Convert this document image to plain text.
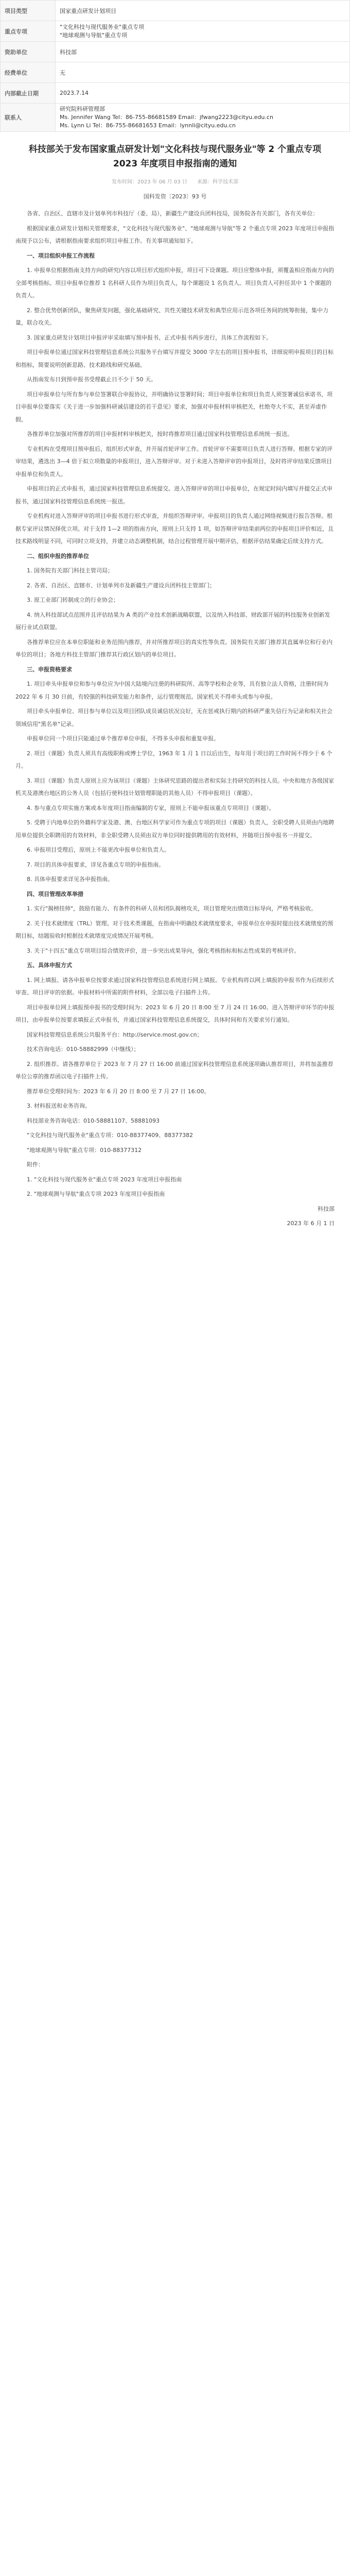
项目类型	国家重点研发计划项目
重点专项	"文化科技与现代服务业"重点专项
"地球观测与导航"重点专项

资助单位	科技部
经费单位	无
内部截止日期	2023.7.14
联系人	研究院科研管理部
Ms. Jennifer Wang Tel：86-755-86681589 Email：jfwang2223@cityu.edu.cn
Ms. Lynn Li Tel：86-755-86681653 Email：lynnli@cityu.edu.cn
科技部关于发布国家重点研发计划"文化科技与现代服务业"等 2 个重点专项 2023 年度项目申报指南的通知
发布时间：2023 年 06 月 03 日 来源：科学技术部
国科发资〔2023〕93 号

各省、自治区、直辖市及计划单列市科技厅（委、局），新疆生产建设兵团科技局，国务院各有关部门，各有关单位：

根据国家重点研发计划相关管理要求，"文化科技与现代服务业"、"地球观测与导航"等 2 个重点专项 2023 年度项目申报指南现予以公布，请根据指南要求组织项目申报工作。有关事项通知如下。

一、项目组织申报工作流程

1. 申报单位根据指南支持方向的研究内容以项目形式组织申报，项目可下设课题。项目应整体申报，须覆盖相应指南方向的全部考核指标。项目申报单位推荐 1 名科研人员作为项目负责人，每个课题设 1 名负责人。项目负责人可担任其中 1 个课题的负责人。

2. 整合优势创新团队，聚焦研发问题，强化基础研究、共性关键技术研发和典型应用示范各项任务间的统筹衔接，集中力量，联合攻关。

3. 国家重点研发计划项目申报评审采取填写预申报书、正式申报书两步进行，具体工作流程如下。

项目申报单位通过国家科技管理信息系统公共服务平台填写并提交 3000 字左右的项目预申报书，详细说明申报项目的目标和指标，简要说明创新思路、技术路线和研究基础。

从指南发布日到预申报书受理截止日不少于 50 天。

项目申报单位与所有参与单位签署联合申报协议，并明确协议签署时间；项目申报单位和项目负责人须签署诚信承诺书，项目申报单位要落实《关于进一步加强科研诚信建设的若干意见》要求，加强对申报材料审核把关，杜绝夸大不实，甚至弄虚作假。

各推荐单位加强对所推荐的项目申报材料审核把关，按时将推荐项目通过国家科技管理信息系统统一报送。

专业机构在受理项目预申报后，组织形式审查，并开展首轮评审工作。首轮评审不需要项目负责人进行答辩。根据专家的评审结果，遴选出 3—4 倍于拟立项数量的申报项目，进入答辩评审。对于未进入答辩评审的申报项目，及时将评审结果反馈项目申报单位和负责人。

申报项目的正式申报书，通过国家科技管理信息系统提交。进入答辩评审的项目申报单位，在规定时间内填写并提交正式申报书，通过国家科技管理信息系统统一报送。

专业机构对进入答辩评审的项目申报书进行形式审查，并组织答辩评审。申报项目的负责人通过网络视频进行报告答辩。根据专家评议情况择优立项。对于支持 1—2 项的指南方向，原则上只支持 1 项，如答辩评审结果前两位的申报项目评价相近，且技术路线明显不同，可同时立项支持，并建立动态调整机制，结合过程管理开展中期评估，根据评估结果确定后续支持方式。

二、组织申报的推荐单位

1. 国务院有关部门科技主管司局；

2. 各省、自治区、直辖市、计划单列市及新疆生产建设兵团科技主管部门；

3. 原工业部门转制成立的行业协会；

4. 纳入科技部试点范围并且评估结果为 A 类的产业技术创新战略联盟，以及纳入科技部、财政部开展的科技服务业创新发展行业试点联盟。

各推荐单位应在本单位职能和业务范围内推荐，并对所推荐项目的真实性等负责。国务院有关部门推荐其直属单位和行业内单位的项目；各地方科技主管部门推荐其行政区划内的单位项目。

三、申报资格要求

1. 项目牵头申报单位和参与单位应为中国大陆境内注册的科研院所、高等学校和企业等，具有独立法人资格，注册时间为 2022 年 6 月 30 日前，有较强的科技研发能力和条件，运行管理规范。国家机关不得牵头或参与申报。

项目牵头申报单位、项目参与单位以及项目团队成员诚信状况良好，无在惩戒执行期内的科研严重失信行为记录和相关社会领域信用"黑名单"记录。

申报单位同一个项目只能通过单个推荐单位申报，不得多头申报和重复申报。

2. 项目（课题）负责人须具有高级职称或博士学位，1963 年 1 月 1 日以后出生，每年用于项目的工作时间不得少于 6 个月。

3. 项目（课题）负责人原则上应为该项目（课题）主体研究思路的提出者和实际主持研究的科技人员。中央和地方各级国家机关及港澳台地区的公务人员（包括行使科技计划管理职能的其他人员）不得申报项目（课题）。

4. 参与重点专项实施方案或本年度项目指南编制的专家，原则上不能申报该重点专项项目（课题）。

5. 受聘于内地单位的外籍科学家及港、澳、台地区科学家可作为重点专项的项目（课题）负责人，全职受聘人员须由内地聘用单位提供全职聘用的有效材料，非全职受聘人员须由双方单位同时提供聘用的有效材料，并随项目预申报书一并提交。

6. 申报项目受理后，原则上不能更改申报单位和负责人。

7. 项目的具体申报要求，详见各重点专项的申报指南。

8. 具体申报要求详见各申报指南。

四、项目管理改革举措

1. 实行"揭榜挂帅"，鼓励有能力、有条件的科研人员和团队揭榜攻关，项目管理突出绩效目标导向，严格考核验收。

2. 关于技术就绪度（TRL）管理。对于技术类课题，在指南中明确技术就绪度要求，申报单位在申报时提出技术就绪度的预期目标，结题验收时根据技术就绪度完成情况开展考核。

3. 关于"十四五"重点专项项目综合绩效评价，进一步突出成果导向，强化考核指标和标志性成果的考核评价。

五、具体申报方式

1. 网上填报。请各申报单位按要求通过国家科技管理信息系统进行网上填报。专业机构将以网上填报的申报书作为后续形式审查、项目评审的依据。申报材料中所需的附件材料，全部以电子扫描件上传。

项目申报单位网上填报预申报书的受理时间为：2023 年 6 月 20 日 8:00 至 7 月 24 日 16:00。进入答辩评审环节的申报项目，由申报单位按要求填报正式申报书，并通过国家科技管理信息系统提交，具体时间和有关要求另行通知。

国家科技管理信息系统公共服务平台：http://service.most.gov.cn；

技术咨询电话：010-58882999（中继线）；

2. 组织推荐。请各推荐单位于 2023 年 7 月 27 日 16:00 前通过国家科技管理信息系统逐项确认推荐项目，并将加盖推荐单位公章的推荐函以电子扫描件上传。

推荐单位受理时间为：2023 年 6 月 20 日 8:00 至 7 月 27 日 16:00。

3. 材料报送和业务咨询。

科技部业务咨询电话：010-58881107、58881093

"文化科技与现代服务业"重点专项：010-88377409、88377382

"地球观测与导航"重点专项：010-88377312

附件：

1. "文化科技与现代服务业"重点专项 2023 年度项目申报指南

2. "地球观测与导航"重点专项 2023 年度项目申报指南

科技部

2023 年 6 月 1 日
